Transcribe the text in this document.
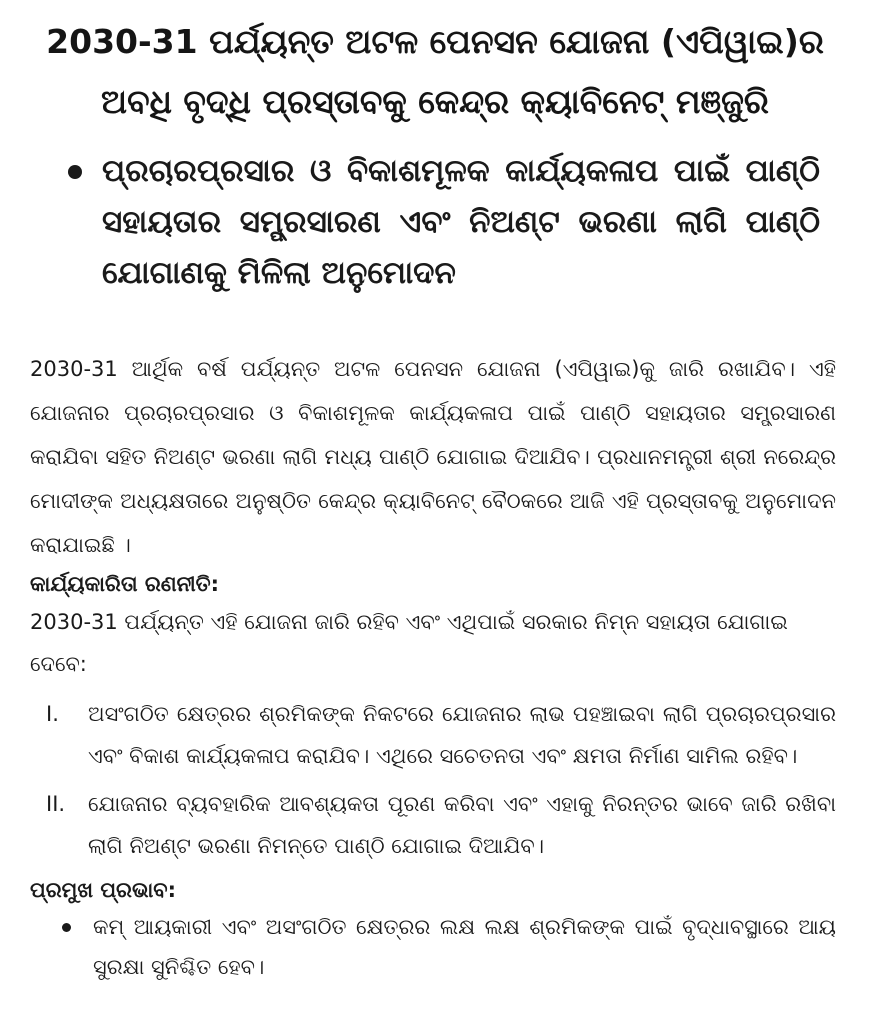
2030-31 ପର୍ଯ୍ୟନ୍ତ ଅଟଳ ପେନସନ ଯୋଜନା (ଏପିୱାଇ)ର
ଅବଧି ବୃଦ୍ଧି ପ୍ରସ୍ତାବକୁ କେନ୍ଦ୍ର କ୍ୟାବିନେଟ୍ ମଞ୍ଜୁରି
ପ୍ରଚାରପ୍ରସାର ଓ ବିକାଶମୂଳକ କାର୍ଯ୍ୟକଳାପ ପାଇଁ ପାଣ୍ଠି ସହାୟତାର ସମ୍ପ୍ରସାରଣ ଏବଂ ନିଅଣ୍ଟ ଭରଣା ଲାଗି ପାଣ୍ଠି ଯୋଗାଣକୁ ମିଳିଲା ଅନୁମୋଦନ
2030-31 ଆର୍ଥିକ ବର୍ଷ ପର୍ଯ୍ୟନ୍ତ ଅଟଳ ପେନସନ ଯୋଜନା (ଏପିୱାଇ)କୁ ଜାରି ରଖାଯିବ। ଏହି ଯୋଜନାର ପ୍ରଚାରପ୍ରସାର ଓ ବିକାଶମୂଳକ କାର୍ଯ୍ୟକଳାପ ପାଇଁ ପାଣ୍ଠି ସହାୟତାର ସମ୍ପ୍ରସାରଣ କରାଯିବା ସହିତ ନିଅଣ୍ଟ ଭରଣା ଲାଗି ମଧ୍ୟ ପାଣ୍ଠି ଯୋଗାଇ ଦିଆଯିବ। ପ୍ରଧାନମନ୍ତ୍ରୀ ଶ୍ରୀ ନରେନ୍ଦ୍ର ମୋଦୀଙ୍କ ଅଧ୍ୟକ୍ଷତାରେ ଅନୁଷ୍ଠିତ କେନ୍ଦ୍ର କ୍ୟାବିନେଟ୍ ବୈଠକରେ ଆଜି ଏହି ପ୍ରସ୍ତାବକୁ ଅନୁମୋଦନ କରାଯାଇଛି ।
କାର୍ଯ୍ୟକାରିତା ରଣନୀତି:
2030-31 ପର୍ଯ୍ୟନ୍ତ ଏହି ଯୋଜନା ଜାରି ରହିବ ଏବଂ ଏଥିପାଇଁ ସରକାର ନିମ୍ନ ସହାୟତା ଯୋଗାଇ ଦେବେ:
I.	ଅସଂଗଠିତ କ୍ଷେତ୍ରର ଶ୍ରମିକଙ୍କ ନିକଟରେ ଯୋଜନାର ଲାଭ ପହଞ୍ଚାଇବା ଲାଗି ପ୍ରଚାରପ୍ରସାର ଏବଂ ବିକାଶ କାର୍ଯ୍ୟକଳାପ କରାଯିବ। ଏଥିରେ ସଚେତନତା ଏବଂ କ୍ଷମତା ନିର୍ମାଣ ସାମିଲ ରହିବ।
II.	ଯୋଜନାର ବ୍ୟବହାରିକ ଆବଶ୍ୟକତା ପୂରଣ କରିବା ଏବଂ ଏହାକୁ ନିରନ୍ତର ଭାବେ ଜାରି ରଖିବା ଲାଗି ନିଅଣ୍ଟ ଭରଣା ନିମନ୍ତେ ପାଣ୍ଠି ଯୋଗାଇ ଦିଆଯିବ।
ପ୍ରମୁଖ ପ୍ରଭାବ:
କମ୍ ଆୟକାରୀ ଏବଂ ଅସଂଗଠିତ କ୍ଷେତ୍ରର ଲକ୍ଷ ଲକ୍ଷ ଶ୍ରମିକଙ୍କ ପାଇଁ ବୃଦ୍ଧାବସ୍ଥାରେ ଆୟ ସୁରକ୍ଷା ସୁନିଶ୍ଚିତ ହେବ।
